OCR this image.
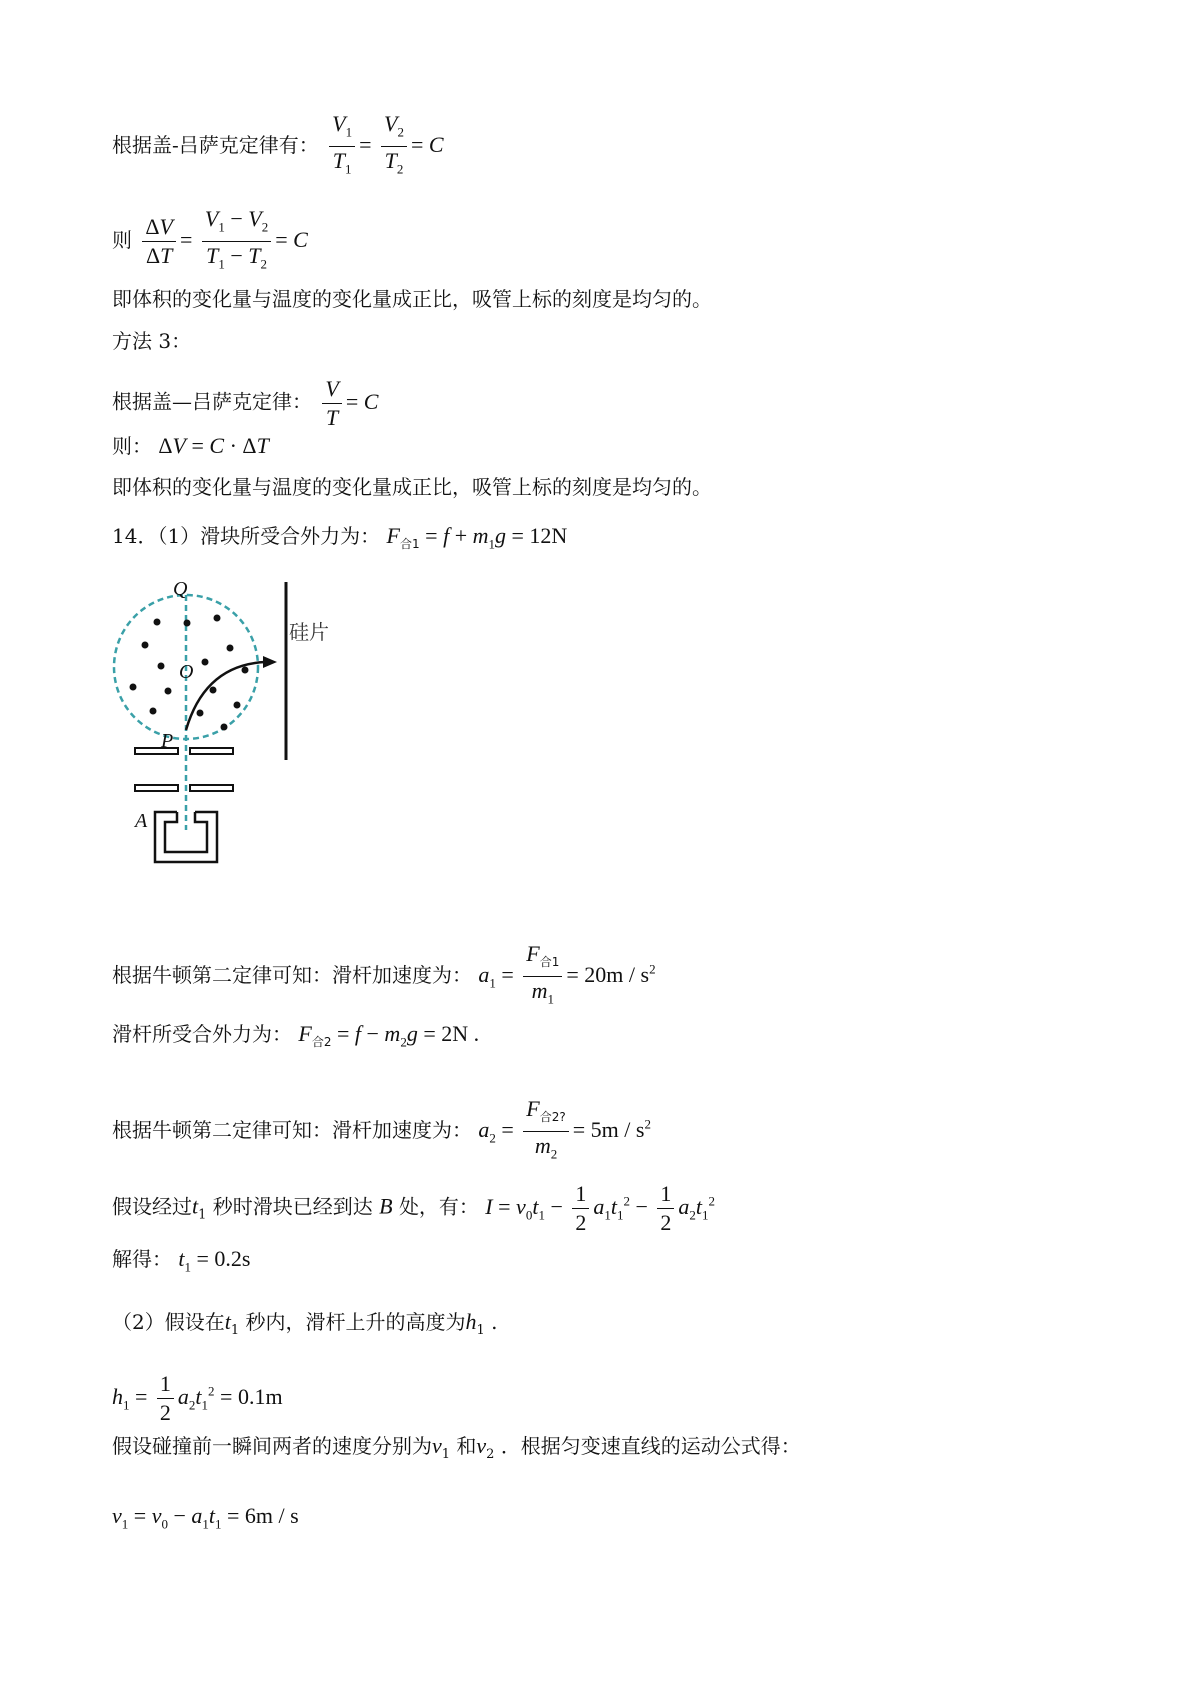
根据盖-吕萨克定律有： $\frac{V_1}{T_1} = \frac{V_2}{T_2} = C$
则 $\frac{\Delta V}{\Delta T} = \frac{V_1 - V_2}{T_1 - T_2} = C$
即体积的变化量与温度的变化量成正比，吸管上标的刻度是均匀的。
方法 3：
根据盖—吕萨克定律： $\frac{V}{T} = C$
则： ΔV = C · ΔT
即体积的变化量与温度的变化量成正比，吸管上标的刻度是均匀的。
14．（1）滑块所受合外力为： $F_{合1} = f + m_1g = 12N$
Q
O
P
A
硅片
根据牛顿第二定律可知：滑杆加速度为： $a_1 = \frac{F_{合1}}{m_1} = 20m / s^2$
滑杆所受合外力为： $F_{合2} = f - m_2g = 2N$ .
根据牛顿第二定律可知：滑杆加速度为： $a_2 = \frac{F_{合2?}}{m_2} = 5m / s^2$
假设经过$t_1$ 秒时滑块已经到达 B 处，有： $I = v_0t_1 - \frac{1}{2} a_1t_1^2 - \frac{1}{2} a_2t_1^2$
解得： $t_1 = 0.2s$
（2）假设在$t_1$ 秒内，滑杆上升的高度为$h_1$ .
$h_1 = \frac{1}{2} a_2t_1^2 = 0.1m$
假设碰撞前一瞬间两者的速度分别为$v_1$ 和$v_2$ ．根据匀变速直线的运动公式得：
$v_1 = v_0 - a_1t_1 = 6m / s$
